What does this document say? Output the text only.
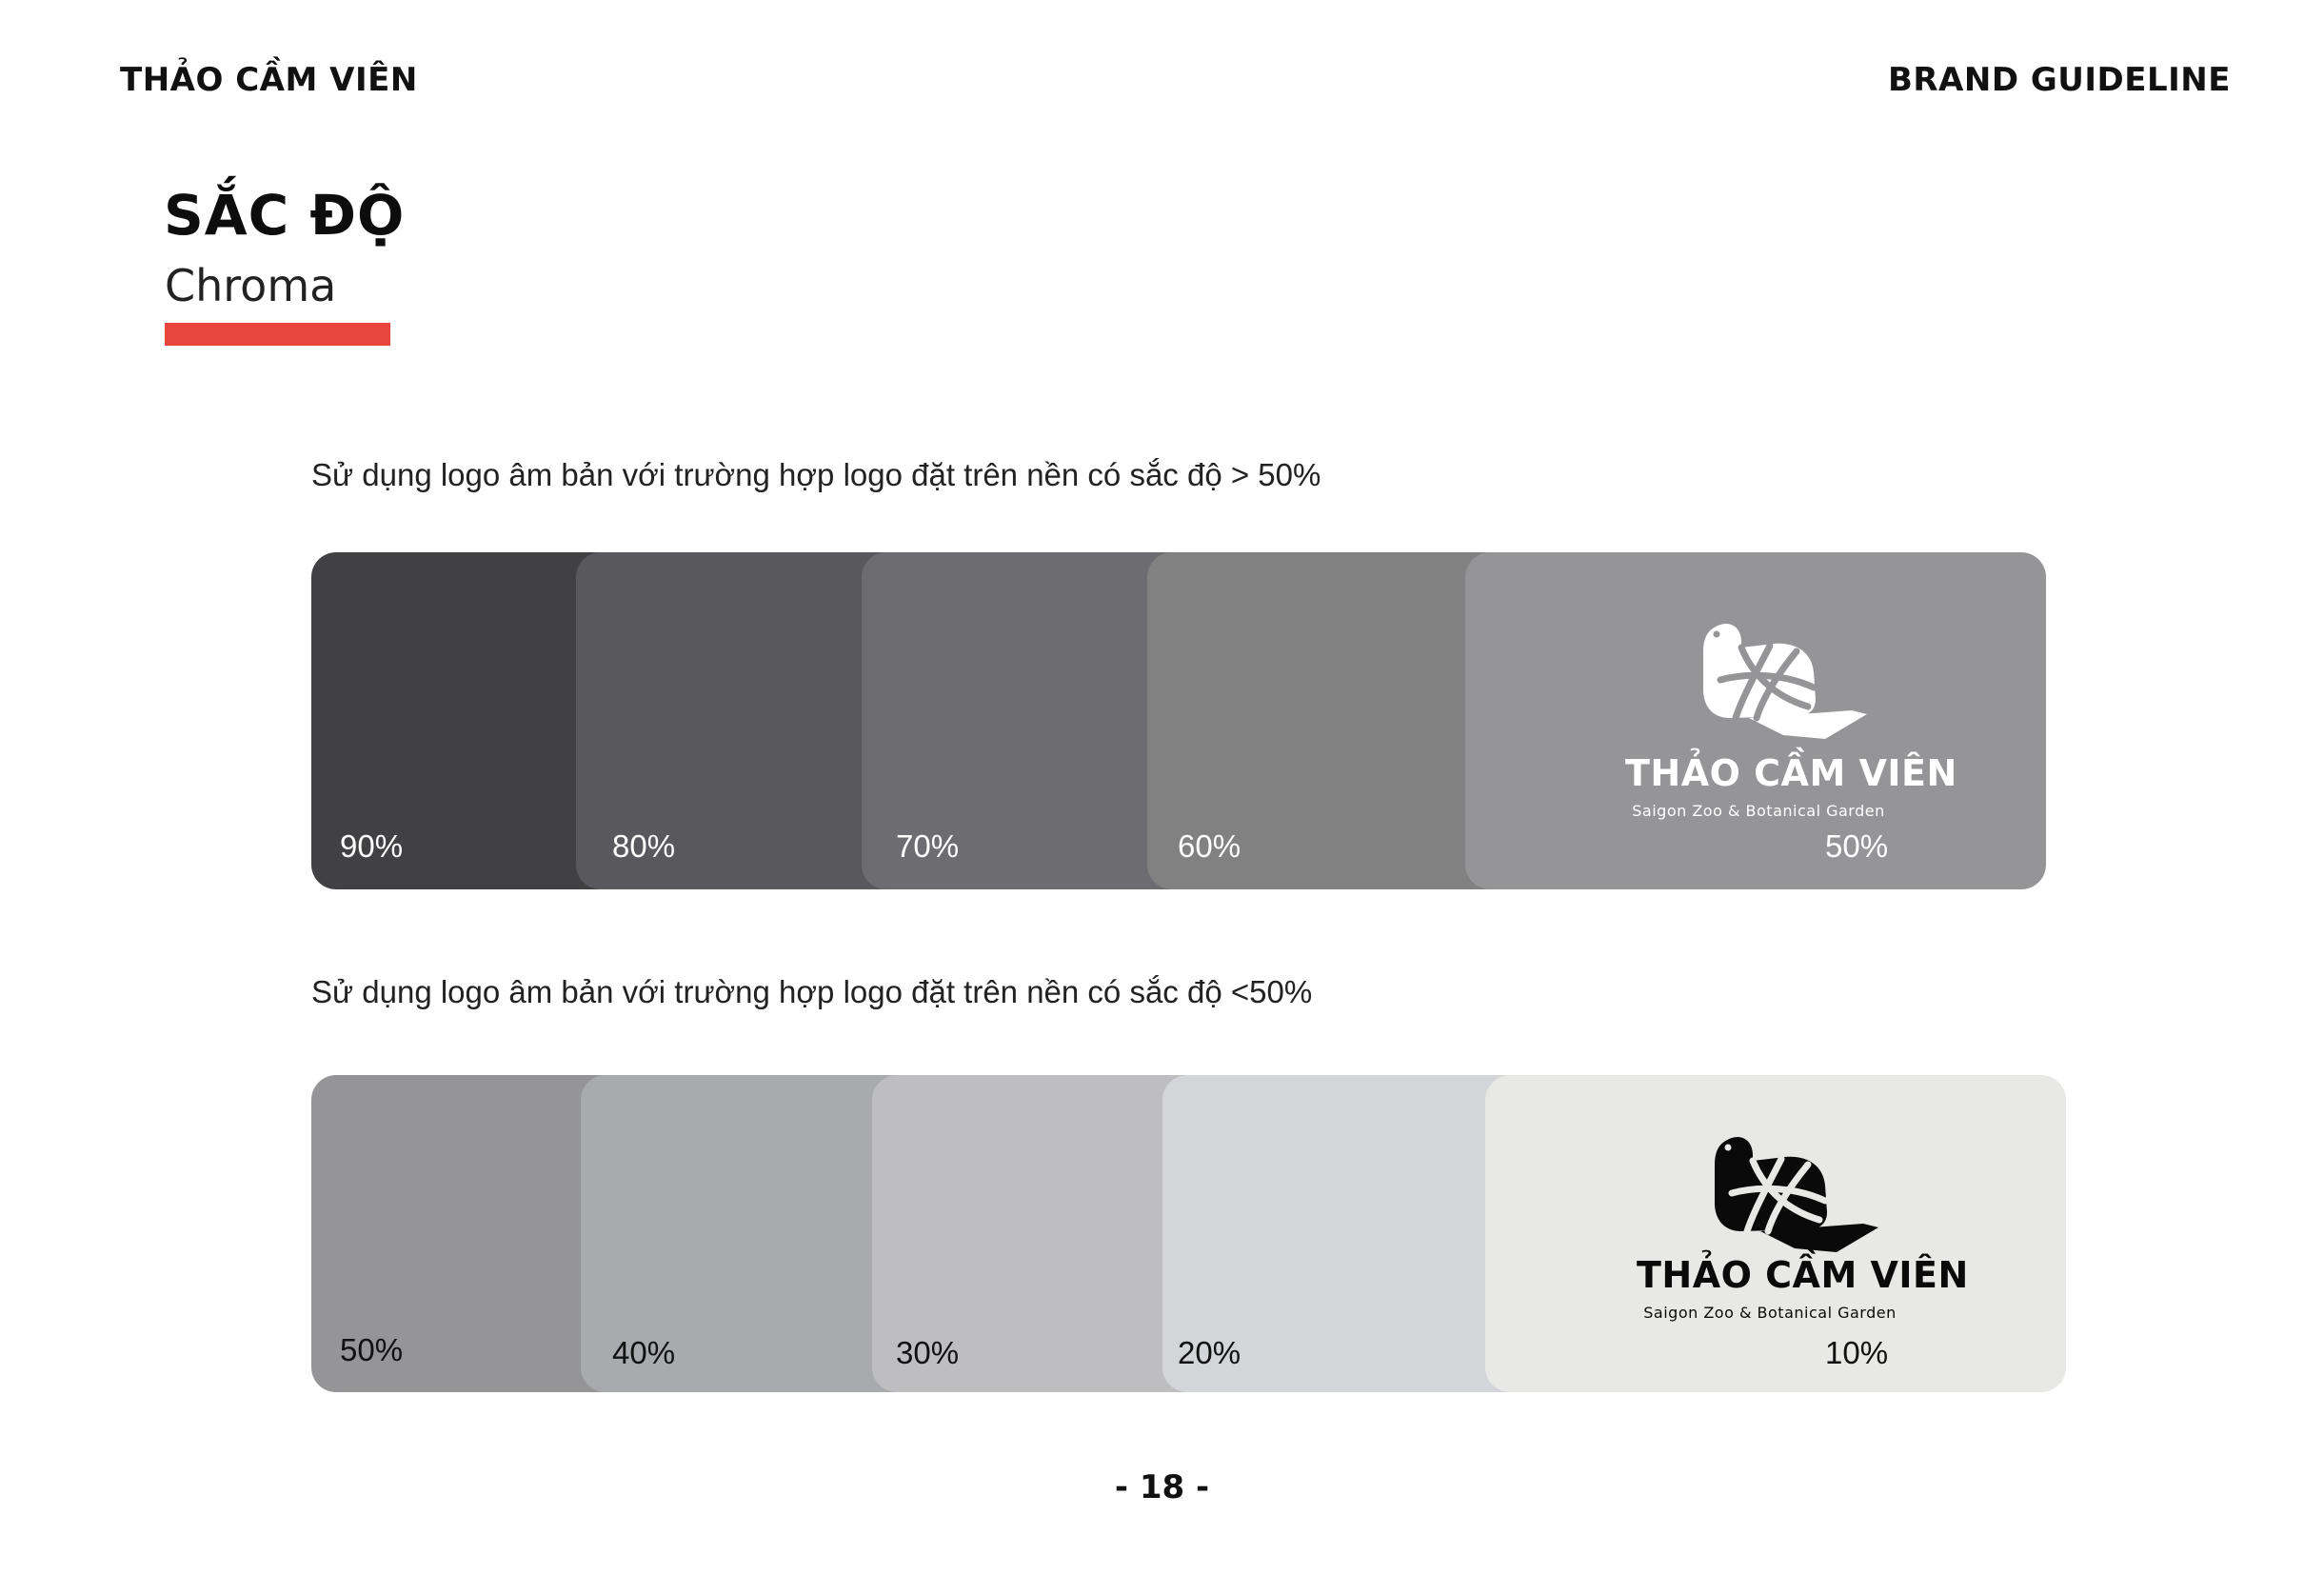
THẢO CẦM VIÊN	BRAND GUIDELINE
SẮC ĐỘ
Chroma
Sử dụng logo âm bản với trường hợp logo đặt trên nền có sắc độ > 50%
90%	80%	70%	60%	50%
THẢO CẦM VIÊN
Saigon Zoo & Botanical Garden
Sử dụng logo âm bản với trường hợp logo đặt trên nền có sắc độ <50%
50%	40%	30%	20%	10%
THẢO CẦM VIÊN
Saigon Zoo & Botanical Garden
- 18 -
